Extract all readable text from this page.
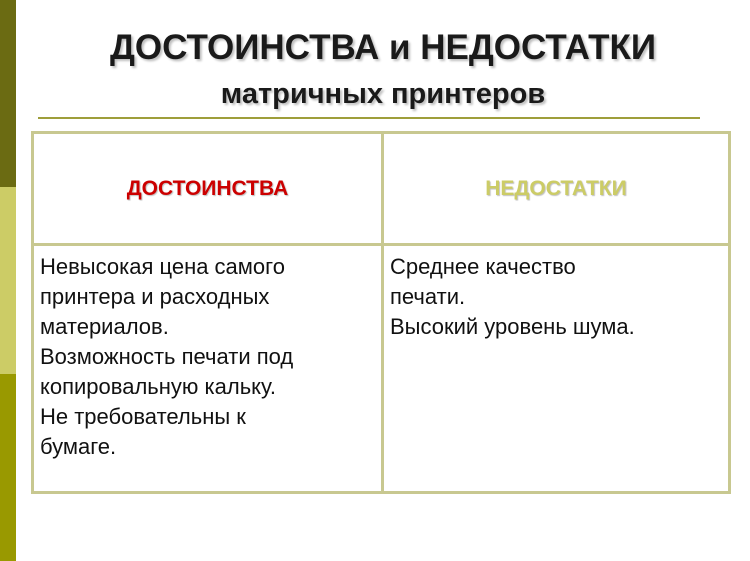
ДОСТОИНСТВА и НЕДОСТАТКИ
матричных принтеров
ДОСТОИНСТВА	НЕДОСТАТКИ
Невысокая цена самого
принтера и расходных
материалов.
Возможность печати под
копировальную кальку.
Не требовательны к
бумаге.
Среднее качество
печати.
Высокий уровень шума.
